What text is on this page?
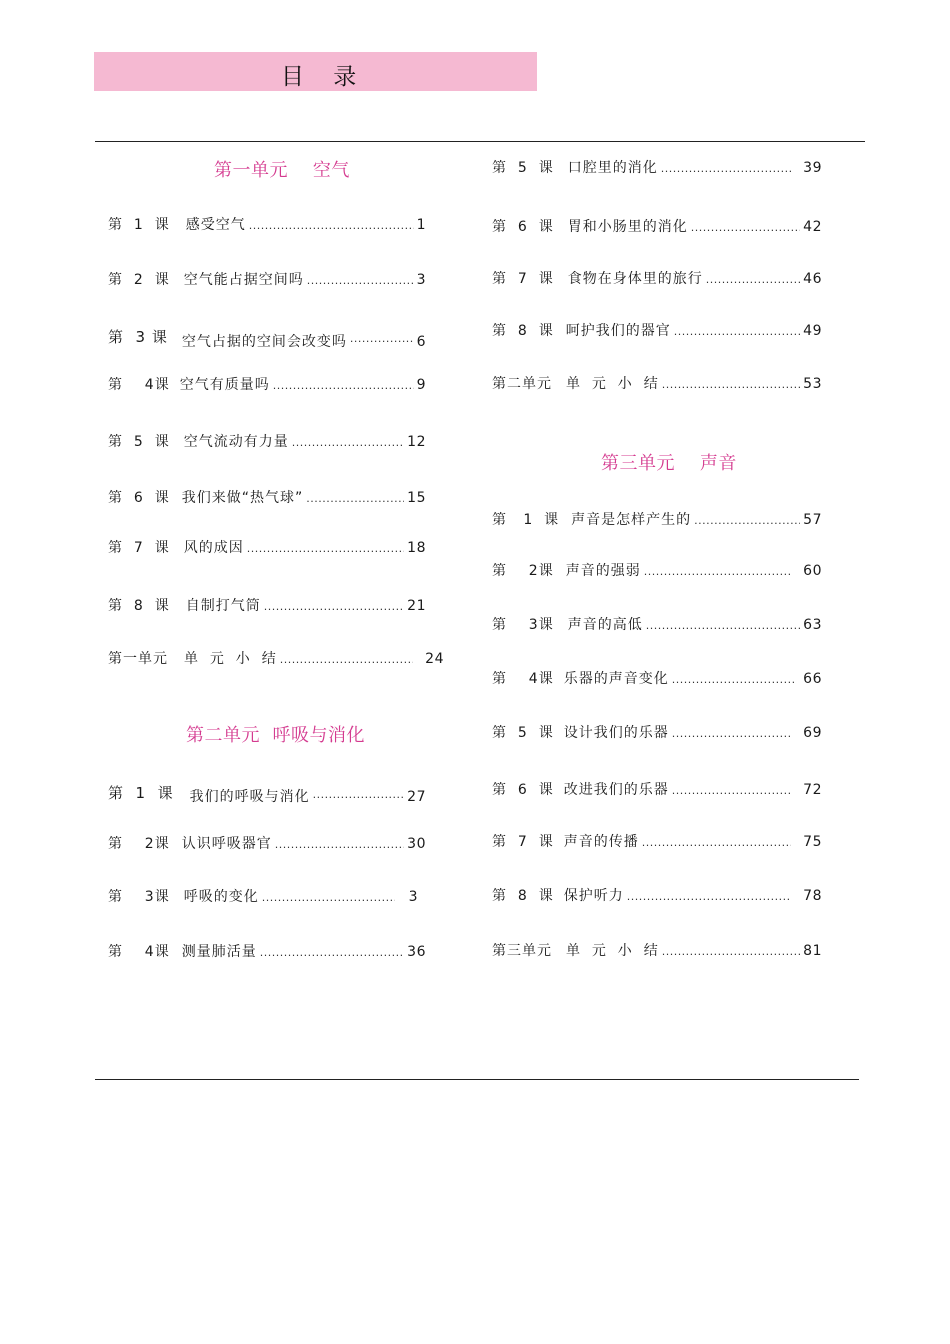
目    录
第一单元    空气
第  1  课 感受空气 .....	1
第  2  课 空气能占据空间吗 .....	3
第  3 课 空气占据的空间会改变吗 .....	6
第    4课 空气有质量吗 .....	9
第  5  课 空气流动有力量 .....	12
第  6  课 我们来做“热气球” .....	15
第  7  课 风的成因 .....	18
第  8  课 自制打气筒 .....	21
第一单元 单  元  小  结 .....	24
第二单元  呼吸与消化
第  1  课 我们的呼吸与消化 .....	27
第    2课 认识呼吸器官 .....	30
第    3课 呼吸的变化 .....	3
第    4课 测量肺活量 .....	36
第  5  课 口腔里的消化 .....	39
第  6  课 胃和小肠里的消化 .....	42
第  7  课 食物在身体里的旅行 .....	46
第  8  课 呵护我们的器官 .....	49
第二单元 单  元  小  结 .....	53
第三单元    声音
第   1  课 声音是怎样产生的 .....	57
第    2课 声音的强弱 .....	60
第    3课 声音的高低 .....	63
第    4课 乐器的声音变化 .....	66
第  5  课 设计我们的乐器 .....	69
第  6  课 改进我们的乐器 .....	72
第  7  课 声音的传播 .....	75
第  8  课 保护听力 .....	78
第三单元 单  元  小  结 .....	81
